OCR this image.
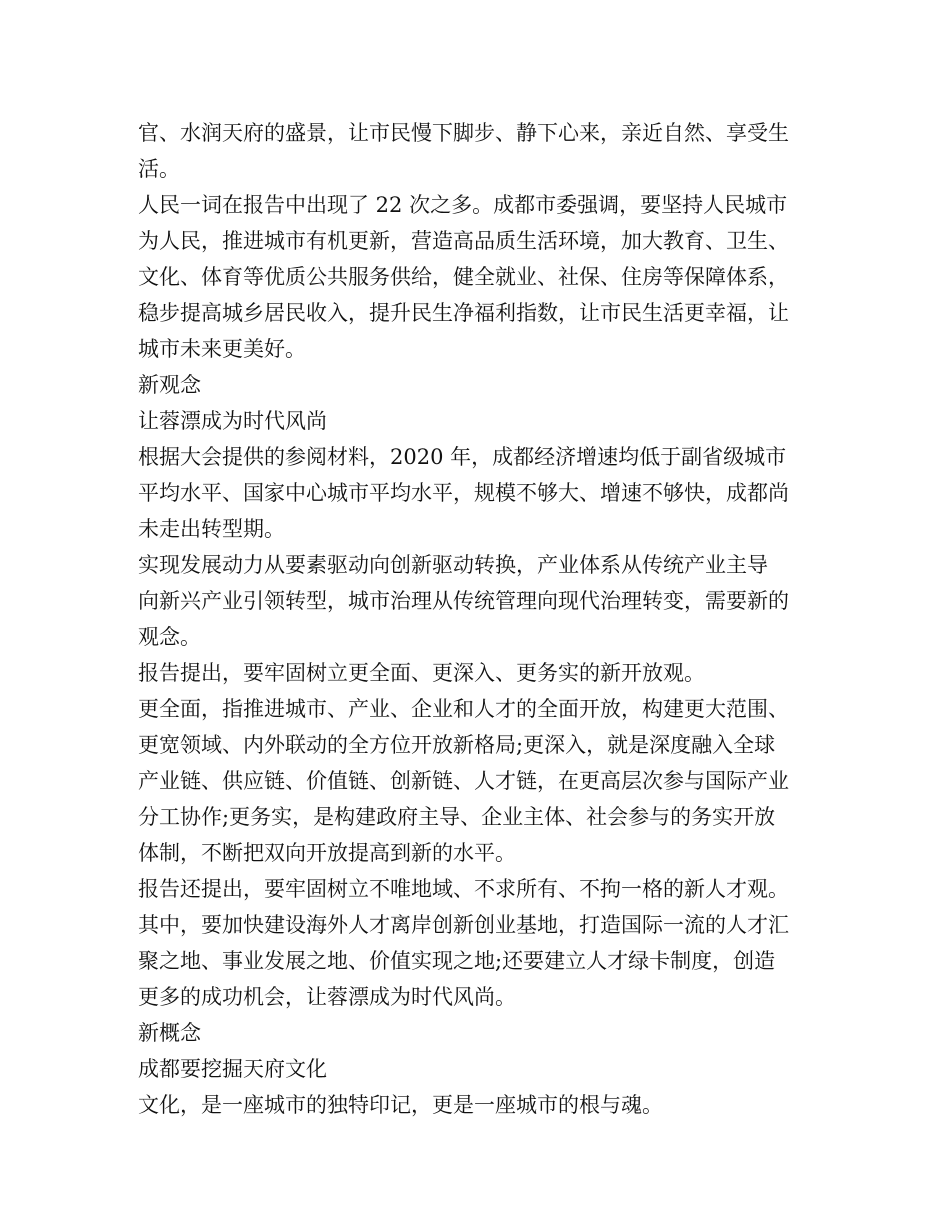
官、水润天府的盛景，让市民慢下脚步、静下心来，亲近自然、享受生
活。
人民一词在报告中出现了 22 次之多。成都市委强调，要坚持人民城市
为人民，推进城市有机更新，营造高品质生活环境，加大教育、卫生、
文化、体育等优质公共服务供给，健全就业、社保、住房等保障体系，
稳步提高城乡居民收入，提升民生净福利指数，让市民生活更幸福，让
城市未来更美好。
新观念
让蓉漂成为时代风尚
根据大会提供的参阅材料，2020 年，成都经济增速均低于副省级城市
平均水平、国家中心城市平均水平，规模不够大、增速不够快，成都尚
未走出转型期。
实现发展动力从要素驱动向创新驱动转换，产业体系从传统产业主导
向新兴产业引领转型，城市治理从传统管理向现代治理转变，需要新的
观念。
报告提出，要牢固树立更全面、更深入、更务实的新开放观。
更全面，指推进城市、产业、企业和人才的全面开放，构建更大范围、
更宽领域、内外联动的全方位开放新格局;更深入，就是深度融入全球
产业链、供应链、价值链、创新链、人才链，在更高层次参与国际产业
分工协作;更务实，是构建政府主导、企业主体、社会参与的务实开放
体制，不断把双向开放提高到新的水平。
报告还提出，要牢固树立不唯地域、不求所有、不拘一格的新人才观。
其中，要加快建设海外人才离岸创新创业基地，打造国际一流的人才汇
聚之地、事业发展之地、价值实现之地;还要建立人才绿卡制度，创造
更多的成功机会，让蓉漂成为时代风尚。
新概念
成都要挖掘天府文化
文化，是一座城市的独特印记，更是一座城市的根与魂。
